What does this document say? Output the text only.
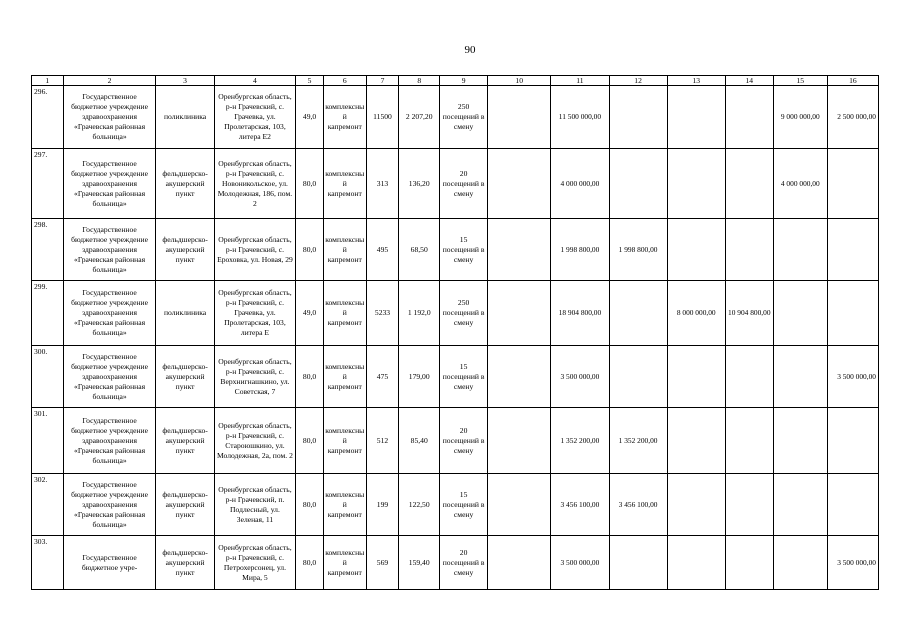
90
1	2	3	4	5	6	7	8	9	10	11	12	13	14	15	16
296.	Государственное бюджетное учреждение здравоохранения «Грачевская районная больница»	поликлиника	Оренбургская область, р-н Грачевский, с. Грачевка, ул. Пролетарская, 103, литера Е2	49,0	комплексный капремонт	11500	2 207,20	250 посещений в смену		11 500 000,00				9 000 000,00	2 500 000,00
297.	Государственное бюджетное учреждение здравоохранения «Грачевская районная больница»	фельдшерско-акушерский пункт	Оренбургская область, р-н Грачевский, с. Новоникольское, ул. Молодежная, 186, пом. 2	80,0	комплексный капремонт	313	136,20	20 посещений в смену		4 000 000,00				4 000 000,00	
298.	Государственное бюджетное учреждение здравоохранения «Грачевская районная больница»	фельдшерско-акушерский пункт	Оренбургская область, р-н Грачевский, с. Ероховка, ул. Новая, 29	80,0	комплексный капремонт	495	68,50	15 посещений в смену		1 998 800,00	1 998 800,00				
299.	Государственное бюджетное учреждение здравоохранения «Грачевская районная больница»	поликлиника	Оренбургская область, р-н Грачевский, с. Грачевка, ул. Пролетарская, 103, литера Е	49,0	комплексный капремонт	5233	1 192,0	250 посещений в смену		18 904 800,00		8 000 000,00	10 904 800,00		
300.	Государственное бюджетное учреждение здравоохранения «Грачевская районная больница»	фельдшерско-акушерский пункт	Оренбургская область, р-н Грачевский, с. Верхнигнашкино, ул. Советская, 7	80,0	комплексный капремонт	475	179,00	15 посещений в смену		3 500 000,00					3 500 000,00
301.	Государственное бюджетное учреждение здравоохранения «Грачевская районная больница»	фельдшерско-акушерский пункт	Оренбургская область, р-н Грачевский, с. Староюшкино, ул. Молодежная, 2а, пом. 2	80,0	комплексный капремонт	512	85,40	20 посещений в смену		1 352 200,00	1 352 200,00				
302.	Государственное бюджетное учреждение здравоохранения «Грачевская районная больница»	фельдшерско-акушерский пункт	Оренбургская область, р-н Грачевский, п. Подлесный, ул. Зеленая, 11	80,0	комплексный капремонт	199	122,50	15 посещений в смену		3 456 100,00	3 456 100,00				
303.	Государственное бюджетное учре-	фельдшерско-акушерский пункт	Оренбургская область, р-н Грачевский, с. Петрохерсонец, ул. Мира, 5	80,0	комплексный капремонт	569	159,40	20 посещений в смену		3 500 000,00					3 500 000,00
